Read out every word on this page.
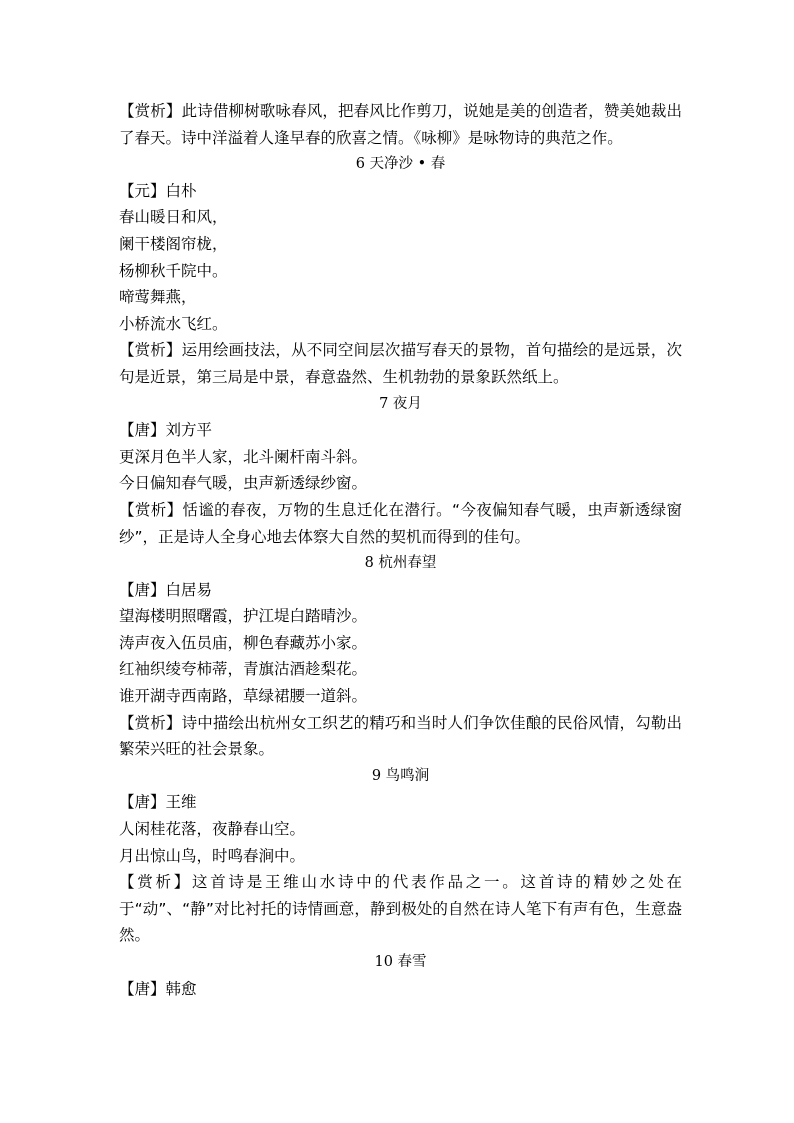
【赏析】此诗借柳树歌咏春风，把春风比作剪刀，说她是美的创造者，赞美她裁出了春天。诗中洋溢着人逢早春的欣喜之情。《咏柳》是咏物诗的典范之作。
6 天净沙 • 春
【元】白朴
春山暖日和风，
阑干楼阁帘栊，
杨柳秋千院中。
啼莺舞燕，
小桥流水飞红。
【赏析】运用绘画技法，从不同空间层次描写春天的景物，首句描绘的是远景，次句是近景，第三局是中景，春意盎然、生机勃勃的景象跃然纸上。
7 夜月
【唐】刘方平
更深月色半人家，北斗阑杆南斗斜。
今日偏知春气暖，虫声新透绿纱窗。
【赏析】恬谧的春夜，万物的生息迁化在潜行。“今夜偏知春气暖，虫声新透绿窗纱”，正是诗人全身心地去体察大自然的契机而得到的佳句。
8 杭州春望
【唐】白居易
望海楼明照曙霞，护江堤白踏晴沙。
涛声夜入伍员庙，柳色春藏苏小家。
红袖织绫夸柿蒂，青旗沽酒趁梨花。
谁开湖寺西南路，草绿裙腰一道斜。
【赏析】诗中描绘出杭州女工织艺的精巧和当时人们争饮佳酿的民俗风情，勾勒出繁荣兴旺的社会景象。
9 鸟鸣涧
【唐】王维
人闲桂花落，夜静春山空。
月出惊山鸟，时鸣春涧中。
【赏析】这首诗是王维山水诗中的代表作品之一。这首诗的精妙之处在于“动”、“静”对比衬托的诗情画意，静到极处的自然在诗人笔下有声有色，生意盎然。
10 春雪
【唐】韩愈
